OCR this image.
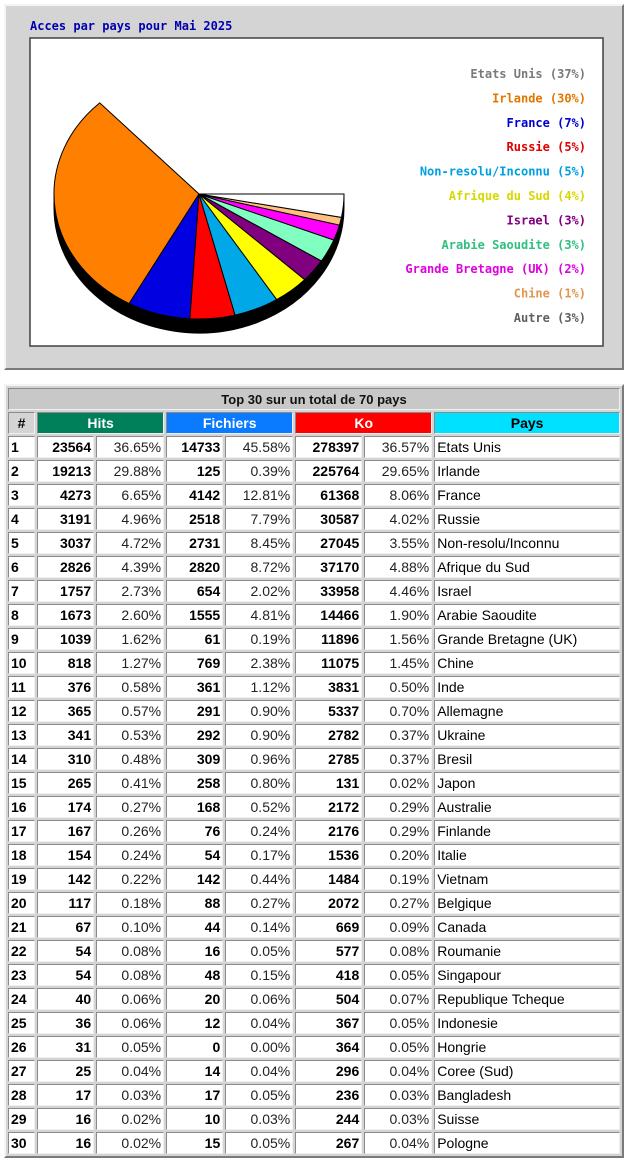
Acces par pays pour Mai 2025
Etats Unis (37%)
Irlande (30%)
France (7%)
Russie (5%)
Non-resolu/Inconnu (5%)
Afrique du Sud (4%)
Israel (3%)
Arabie Saoudite (3%)
Grande Bretagne (UK) (2%)
Chine (1%)
Autre (3%)
Top 30 sur un total de 70 pays							
#	Hits		Fichiers		Ko		Pays
1	23564	36.65%	14733	45.58%	278397	36.57%	Etats Unis
2	19213	29.88%	125	0.39%	225764	29.65%	Irlande
3	4273	6.65%	4142	12.81%	61368	8.06%	France
4	3191	4.96%	2518	7.79%	30587	4.02%	Russie
5	3037	4.72%	2731	8.45%	27045	3.55%	Non-resolu/Inconnu
6	2826	4.39%	2820	8.72%	37170	4.88%	Afrique du Sud
7	1757	2.73%	654	2.02%	33958	4.46%	Israel
8	1673	2.60%	1555	4.81%	14466	1.90%	Arabie Saoudite
9	1039	1.62%	61	0.19%	11896	1.56%	Grande Bretagne (UK)
10	818	1.27%	769	2.38%	11075	1.45%	Chine
11	376	0.58%	361	1.12%	3831	0.50%	Inde
12	365	0.57%	291	0.90%	5337	0.70%	Allemagne
13	341	0.53%	292	0.90%	2782	0.37%	Ukraine
14	310	0.48%	309	0.96%	2785	0.37%	Bresil
15	265	0.41%	258	0.80%	131	0.02%	Japon
16	174	0.27%	168	0.52%	2172	0.29%	Australie
17	167	0.26%	76	0.24%	2176	0.29%	Finlande
18	154	0.24%	54	0.17%	1536	0.20%	Italie
19	142	0.22%	142	0.44%	1484	0.19%	Vietnam
20	117	0.18%	88	0.27%	2072	0.27%	Belgique
21	67	0.10%	44	0.14%	669	0.09%	Canada
22	54	0.08%	16	0.05%	577	0.08%	Roumanie
23	54	0.08%	48	0.15%	418	0.05%	Singapour
24	40	0.06%	20	0.06%	504	0.07%	Republique Tcheque
25	36	0.06%	12	0.04%	367	0.05%	Indonesie
26	31	0.05%	0	0.00%	364	0.05%	Hongrie
27	25	0.04%	14	0.04%	296	0.04%	Coree (Sud)
28	17	0.03%	17	0.05%	236	0.03%	Bangladesh
29	16	0.02%	10	0.03%	244	0.03%	Suisse
30	16	0.02%	15	0.05%	267	0.04%	Pologne
